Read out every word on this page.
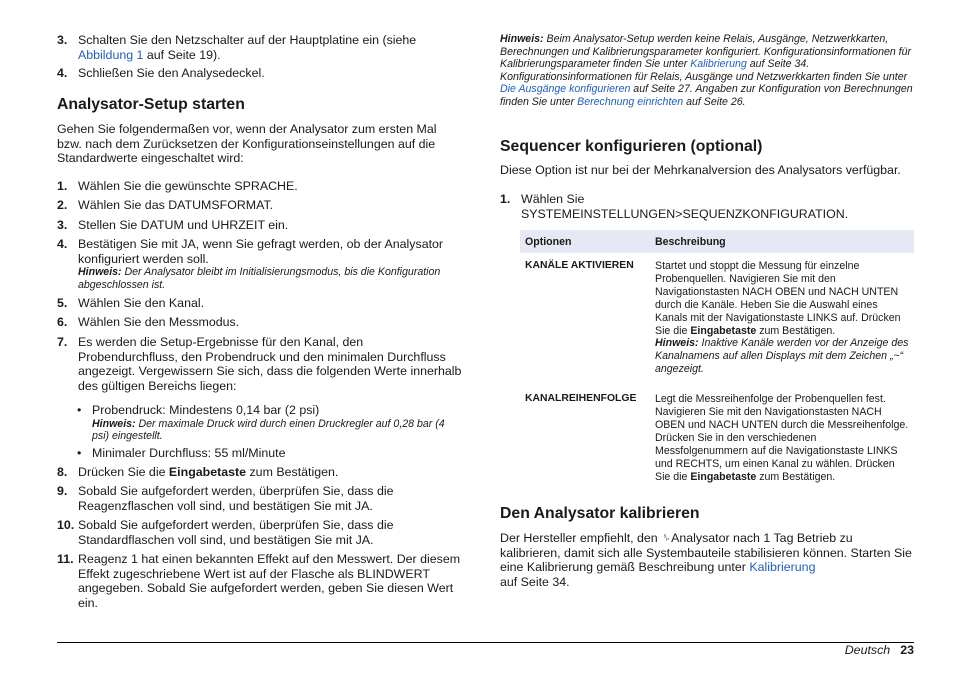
3. Schalten Sie den Netzschalter auf der Hauptplatine ein (siehe Abbildung 1 auf Seite 19).
4. Schließen Sie den Analysedeckel.
Analysator-Setup starten

Gehen Sie folgendermaßen vor, wenn der Analysator zum ersten Mal bzw. nach dem Zurücksetzen der Konfigurationseinstellungen auf die Standardwerte eingeschaltet wird:

1. Wählen Sie die gewünschte SPRACHE.
2. Wählen Sie das DATUMSFORMAT.
3. Stellen Sie DATUM und UHRZEIT ein.
4. Bestätigen Sie mit JA, wenn Sie gefragt werden, ob der Analysator konfiguriert werden soll.
Hinweis: Der Analysator bleibt im Initialisierungsmodus, bis die Konfiguration abgeschlossen ist.
5. Wählen Sie den Kanal.
6. Wählen Sie den Messmodus.
7. Es werden die Setup-Ergebnisse für den Kanal, den Probendurchfluss, den Probendruck und den minimalen Durchfluss angezeigt. Vergewissern Sie sich, dass die folgenden Werte innerhalb des gültigen Bereichs liegen:
• Probendruck: Mindestens 0,14 bar (2 psi)
Hinweis: Der maximale Druck wird durch einen Druckregler auf 0,28 bar (4 psi) eingestellt.
• Minimaler Durchfluss: 55 ml/Minute
8. Drücken Sie die Eingabetaste zum Bestätigen.
9. Sobald Sie aufgefordert werden, überprüfen Sie, dass die Reagenzflaschen voll sind, und bestätigen Sie mit JA.
10. Sobald Sie aufgefordert werden, überprüfen Sie, dass die Standardflaschen voll sind, und bestätigen Sie mit JA.
11. Reagenz 1 hat einen bekannten Effekt auf den Messwert. Der diesem Effekt zugeschriebene Wert ist auf der Flasche als BLINDWERT angegeben. Sobald Sie aufgefordert werden, geben Sie diesen Wert ein.

Hinweis: Beim Analysator-Setup werden keine Relais, Ausgänge, Netzwerkkarten, Berechnungen und Kalibrierungsparameter konfiguriert. Konfigurationsinformationen für Kalibrierungsparameter finden Sie unter Kalibrierung auf Seite 34. Konfigurationsinformationen für Relais, Ausgänge und Netzwerkkarten finden Sie unter Die Ausgänge konfigurieren auf Seite 27. Angaben zur Konfiguration von Berechnungen finden Sie unter Berechnung einrichten auf Seite 26.

Sequencer konfigurieren (optional)

Diese Option ist nur bei der Mehrkanalversion des Analysators verfügbar.

1. Wählen Sie SYSTEMEINSTELLUNGEN>SEQUENZKONFIGURATION.
Optionen	Beschreibung
KANÄLE AKTIVIEREN	Startet und stoppt die Messung für einzelne Probenquellen. Navigieren Sie mit den Navigationstasten NACH OBEN und NACH UNTEN durch die Kanäle. Heben Sie die Auswahl eines Kanals mit der Navigationstaste LINKS auf. Drücken Sie die Eingabetaste zum Bestätigen.
Hinweis: Inaktive Kanäle werden vor der Anzeige des Kanalnamens auf allen Displays mit dem Zeichen „~“ angezeigt.
KANALREIHENFOLGE	Legt die Messreihenfolge der Probenquellen fest. Navigieren Sie mit den Navigationstasten NACH OBEN und NACH UNTEN durch die Messreihenfolge. Drücken Sie in den verschiedenen Messfolgenummern auf die Navigationstaste LINKS und RECHTS, um einen Kanal zu wählen. Drücken Sie die Eingabetaste zum Bestätigen.
Den Analysator kalibrieren

Der Hersteller empfiehlt, den ␠Analysator nach 1 Tag Betrieb zu kalibrieren, damit sich alle Systembauteile stabilisieren können. Starten Sie eine Kalibrierung gemäß Beschreibung unter Kalibrierung
auf Seite 34.

Deutsch 23
